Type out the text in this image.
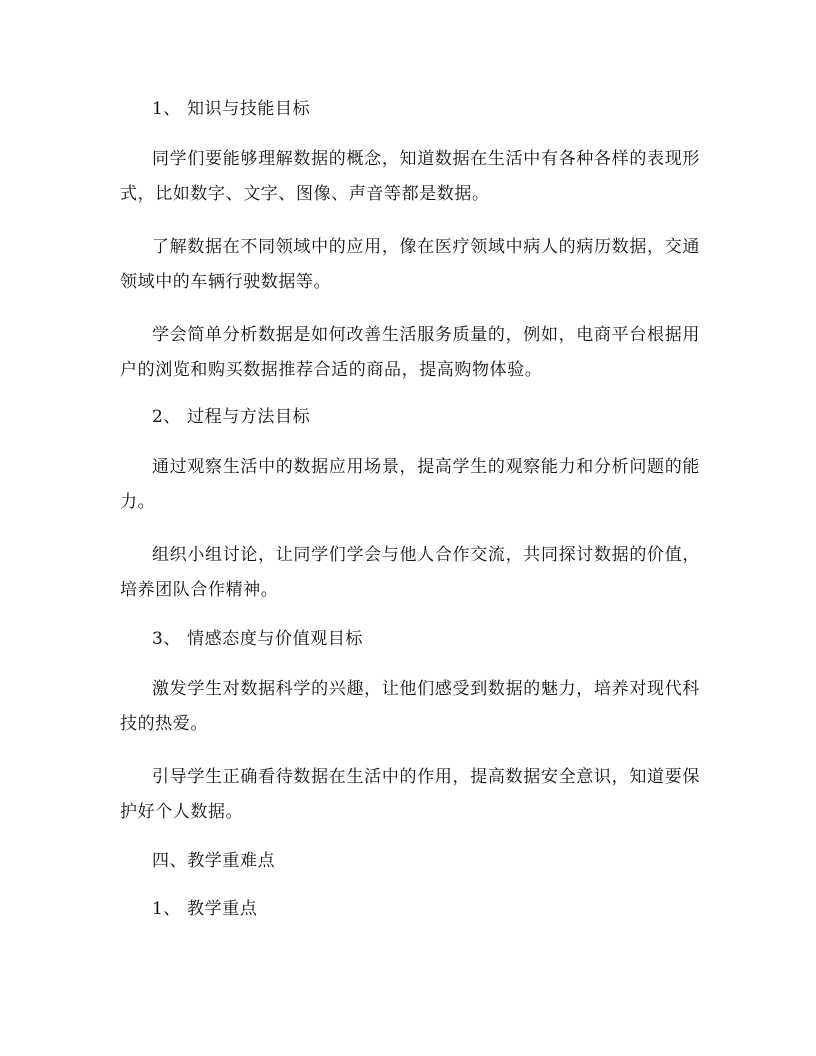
1、 知识与技能目标

同学们要能够理解数据的概念，知道数据在生活中有各种各样的表现形式，比如数字、文字、图像、声音等都是数据。

了解数据在不同领域中的应用，像在医疗领域中病人的病历数据，交通领域中的车辆行驶数据等。

学会简单分析数据是如何改善生活服务质量的，例如，电商平台根据用户的浏览和购买数据推荐合适的商品，提高购物体验。

2、 过程与方法目标

通过观察生活中的数据应用场景，提高学生的观察能力和分析问题的能力。

组织小组讨论，让同学们学会与他人合作交流，共同探讨数据的价值，培养团队合作精神。

3、 情感态度与价值观目标

激发学生对数据科学的兴趣，让他们感受到数据的魅力，培养对现代科技的热爱。

引导学生正确看待数据在生活中的作用，提高数据安全意识，知道要保护好个人数据。

四、教学重难点

1、 教学重点
